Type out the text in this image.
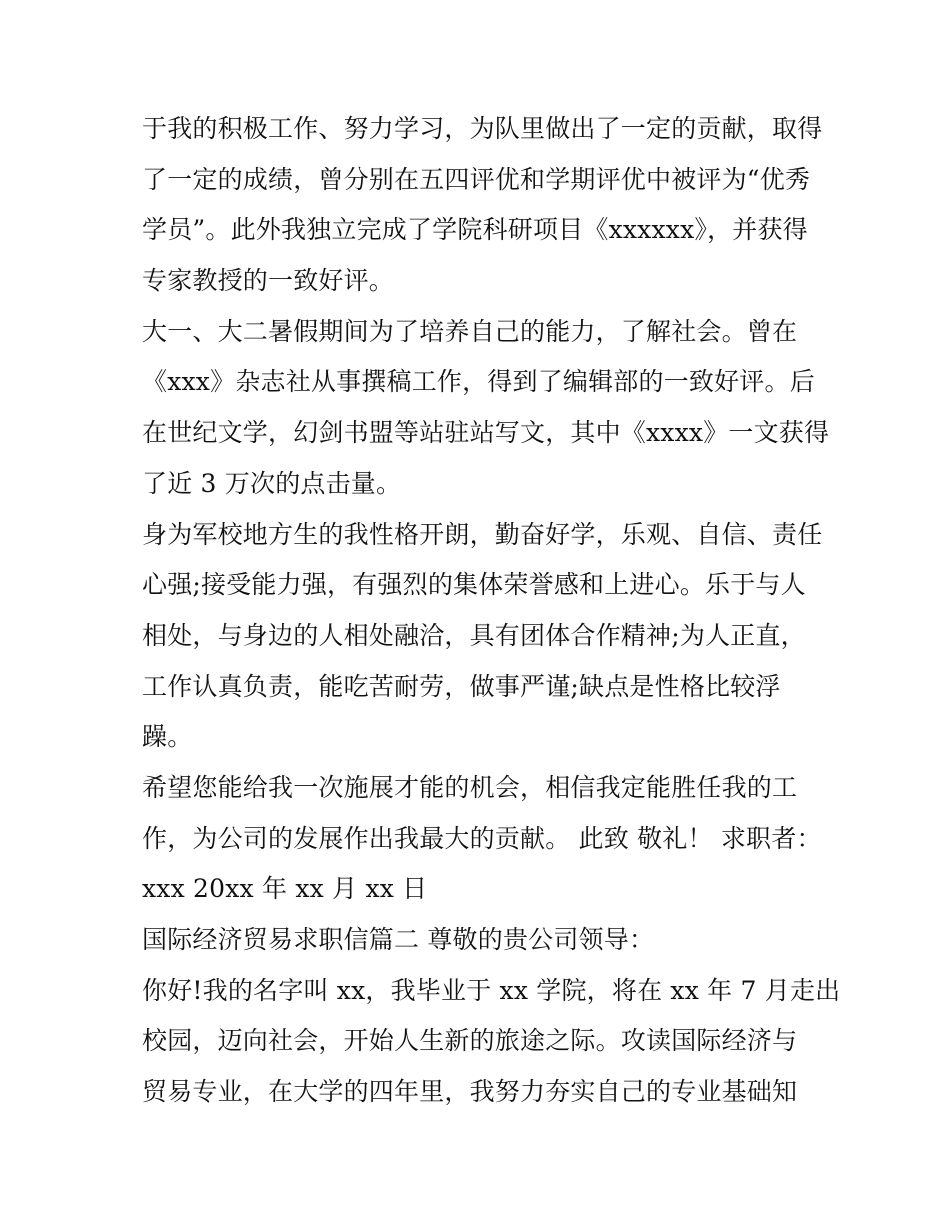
于我的积极工作、努力学习，为队里做出了一定的贡献，取得
了一定的成绩，曾分别在五四评优和学期评优中被评为“优秀
学员”。此外我独立完成了学院科研项目《xxxxxx》，并获得
专家教授的一致好评。
大一、大二暑假期间为了培养自己的能力，了解社会。曾在
《xxx》杂志社从事撰稿工作，得到了编辑部的一致好评。后
在世纪文学，幻剑书盟等站驻站写文，其中《xxxx》一文获得
了近 3 万次的点击量。
身为军校地方生的我性格开朗，勤奋好学，乐观、自信、责任
心强;接受能力强，有强烈的集体荣誉感和上进心。乐于与人
相处，与身边的人相处融洽，具有团体合作精神;为人正直，
工作认真负责，能吃苦耐劳，做事严谨;缺点是性格比较浮
躁。
希望您能给我一次施展才能的机会，相信我定能胜任我的工
作，为公司的发展作出我最大的贡献。 此致 敬礼！ 求职者：
xxx 20xx 年 xx 月 xx 日
国际经济贸易求职信篇二 尊敬的贵公司领导：
你好!我的名字叫 xx，我毕业于 xx 学院，将在 xx 年 7 月走出
校园，迈向社会，开始人生新的旅途之际。攻读国际经济与
贸易专业，在大学的四年里，我努力夯实自己的专业基础知
